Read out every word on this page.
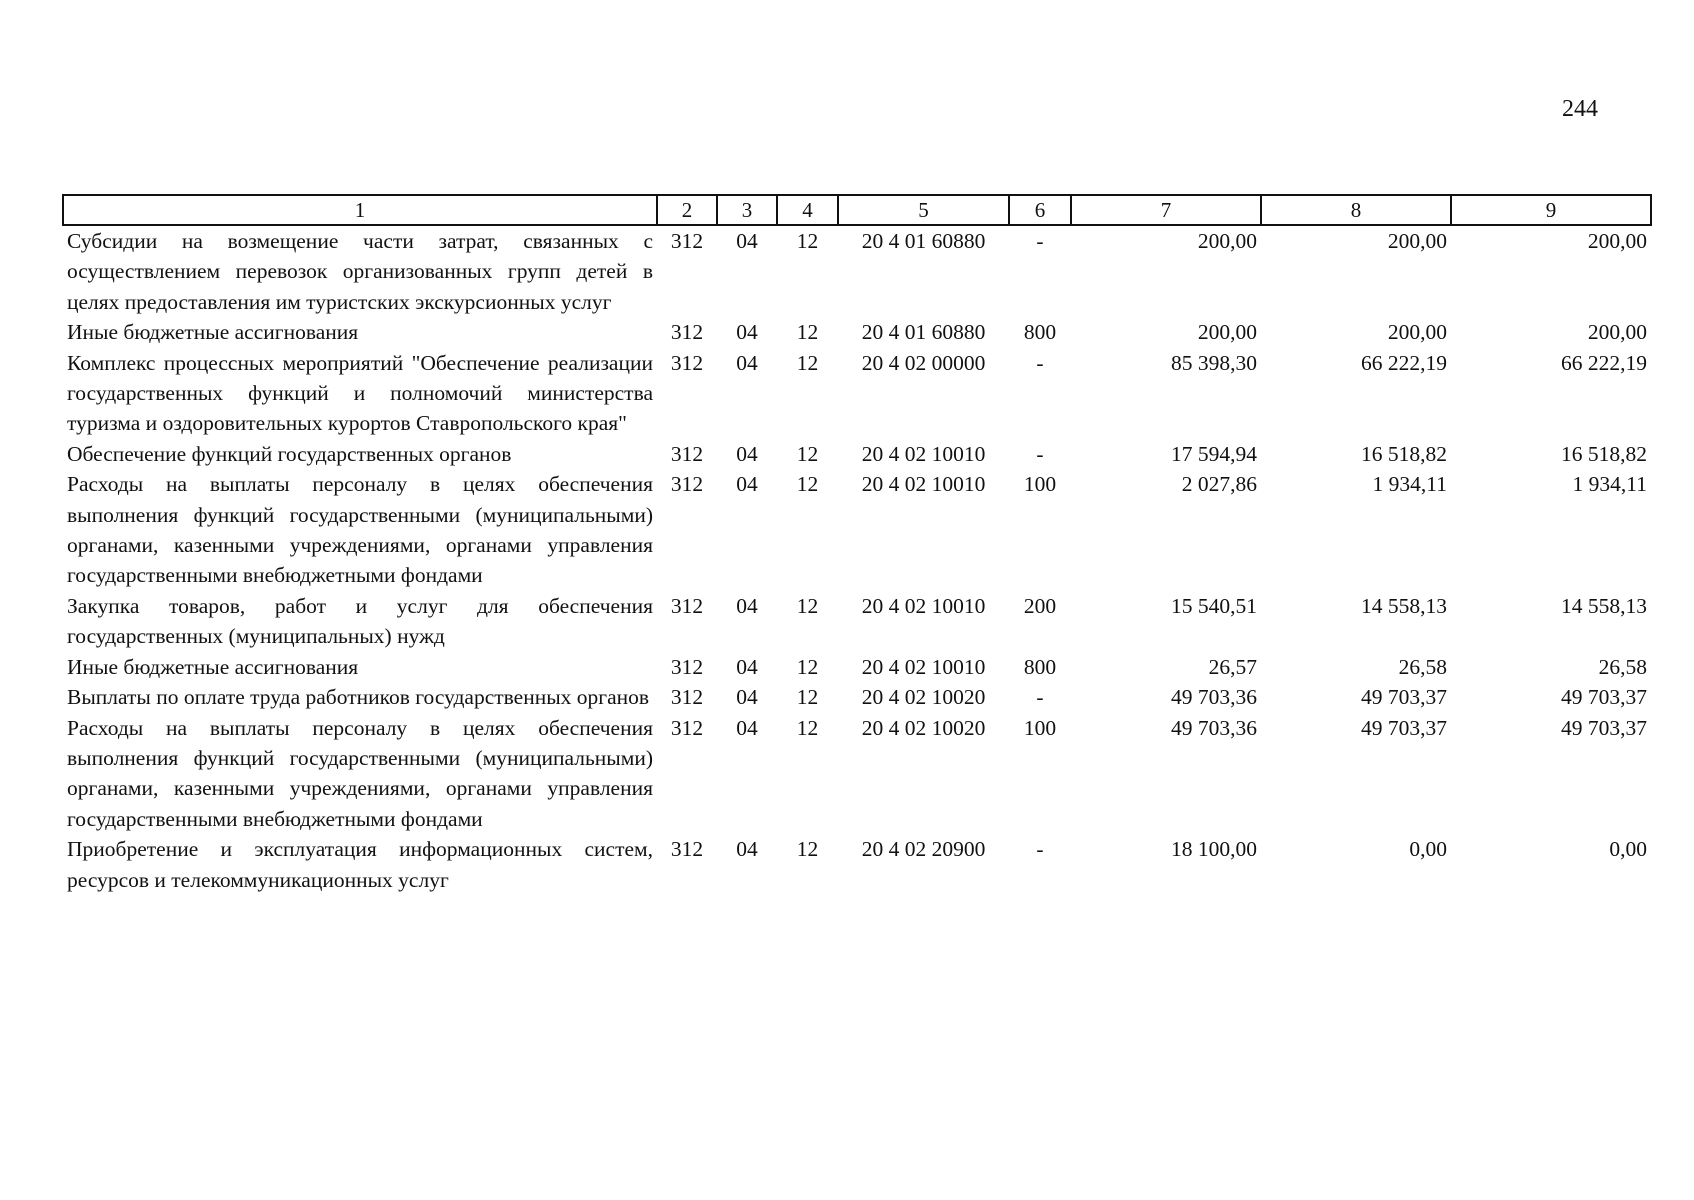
244
1	2	3	4	5	6	7	8	9
Субсидии на возмещение части затрат, связанных с осуществлением перевозок организованных групп детей в целях предоставления им туристских экскурсионных услуг	312	04	12	20 4 01 60880	-	200,00	200,00	200,00
Иные бюджетные ассигнования	312	04	12	20 4 01 60880	800	200,00	200,00	200,00
Комплекс процессных мероприятий "Обеспечение реализации государственных функций и полномочий министерства туризма и оздоровительных курортов Ставропольского края"	312	04	12	20 4 02 00000	-	85 398,30	66 222,19	66 222,19
Обеспечение функций государственных органов	312	04	12	20 4 02 10010	-	17 594,94	16 518,82	16 518,82
Расходы на выплаты персоналу в целях обеспечения выполнения функций государственными (муниципальными) органами, казенными учреждениями, органами управления государственными внебюджетными фондами	312	04	12	20 4 02 10010	100	2 027,86	1 934,11	1 934,11
Закупка товаров, работ и услуг для обеспечения государственных (муниципальных) нужд	312	04	12	20 4 02 10010	200	15 540,51	14 558,13	14 558,13
Иные бюджетные ассигнования	312	04	12	20 4 02 10010	800	26,57	26,58	26,58
Выплаты по оплате труда работников государственных органов	312	04	12	20 4 02 10020	-	49 703,36	49 703,37	49 703,37
Расходы на выплаты персоналу в целях обеспечения выполнения функций государственными (муниципальными) органами, казенными учреждениями, органами управления государственными внебюджетными фондами	312	04	12	20 4 02 10020	100	49 703,36	49 703,37	49 703,37
Приобретение и эксплуатация информационных систем, ресурсов и телекоммуникационных услуг	312	04	12	20 4 02 20900	-	18 100,00	0,00	0,00
